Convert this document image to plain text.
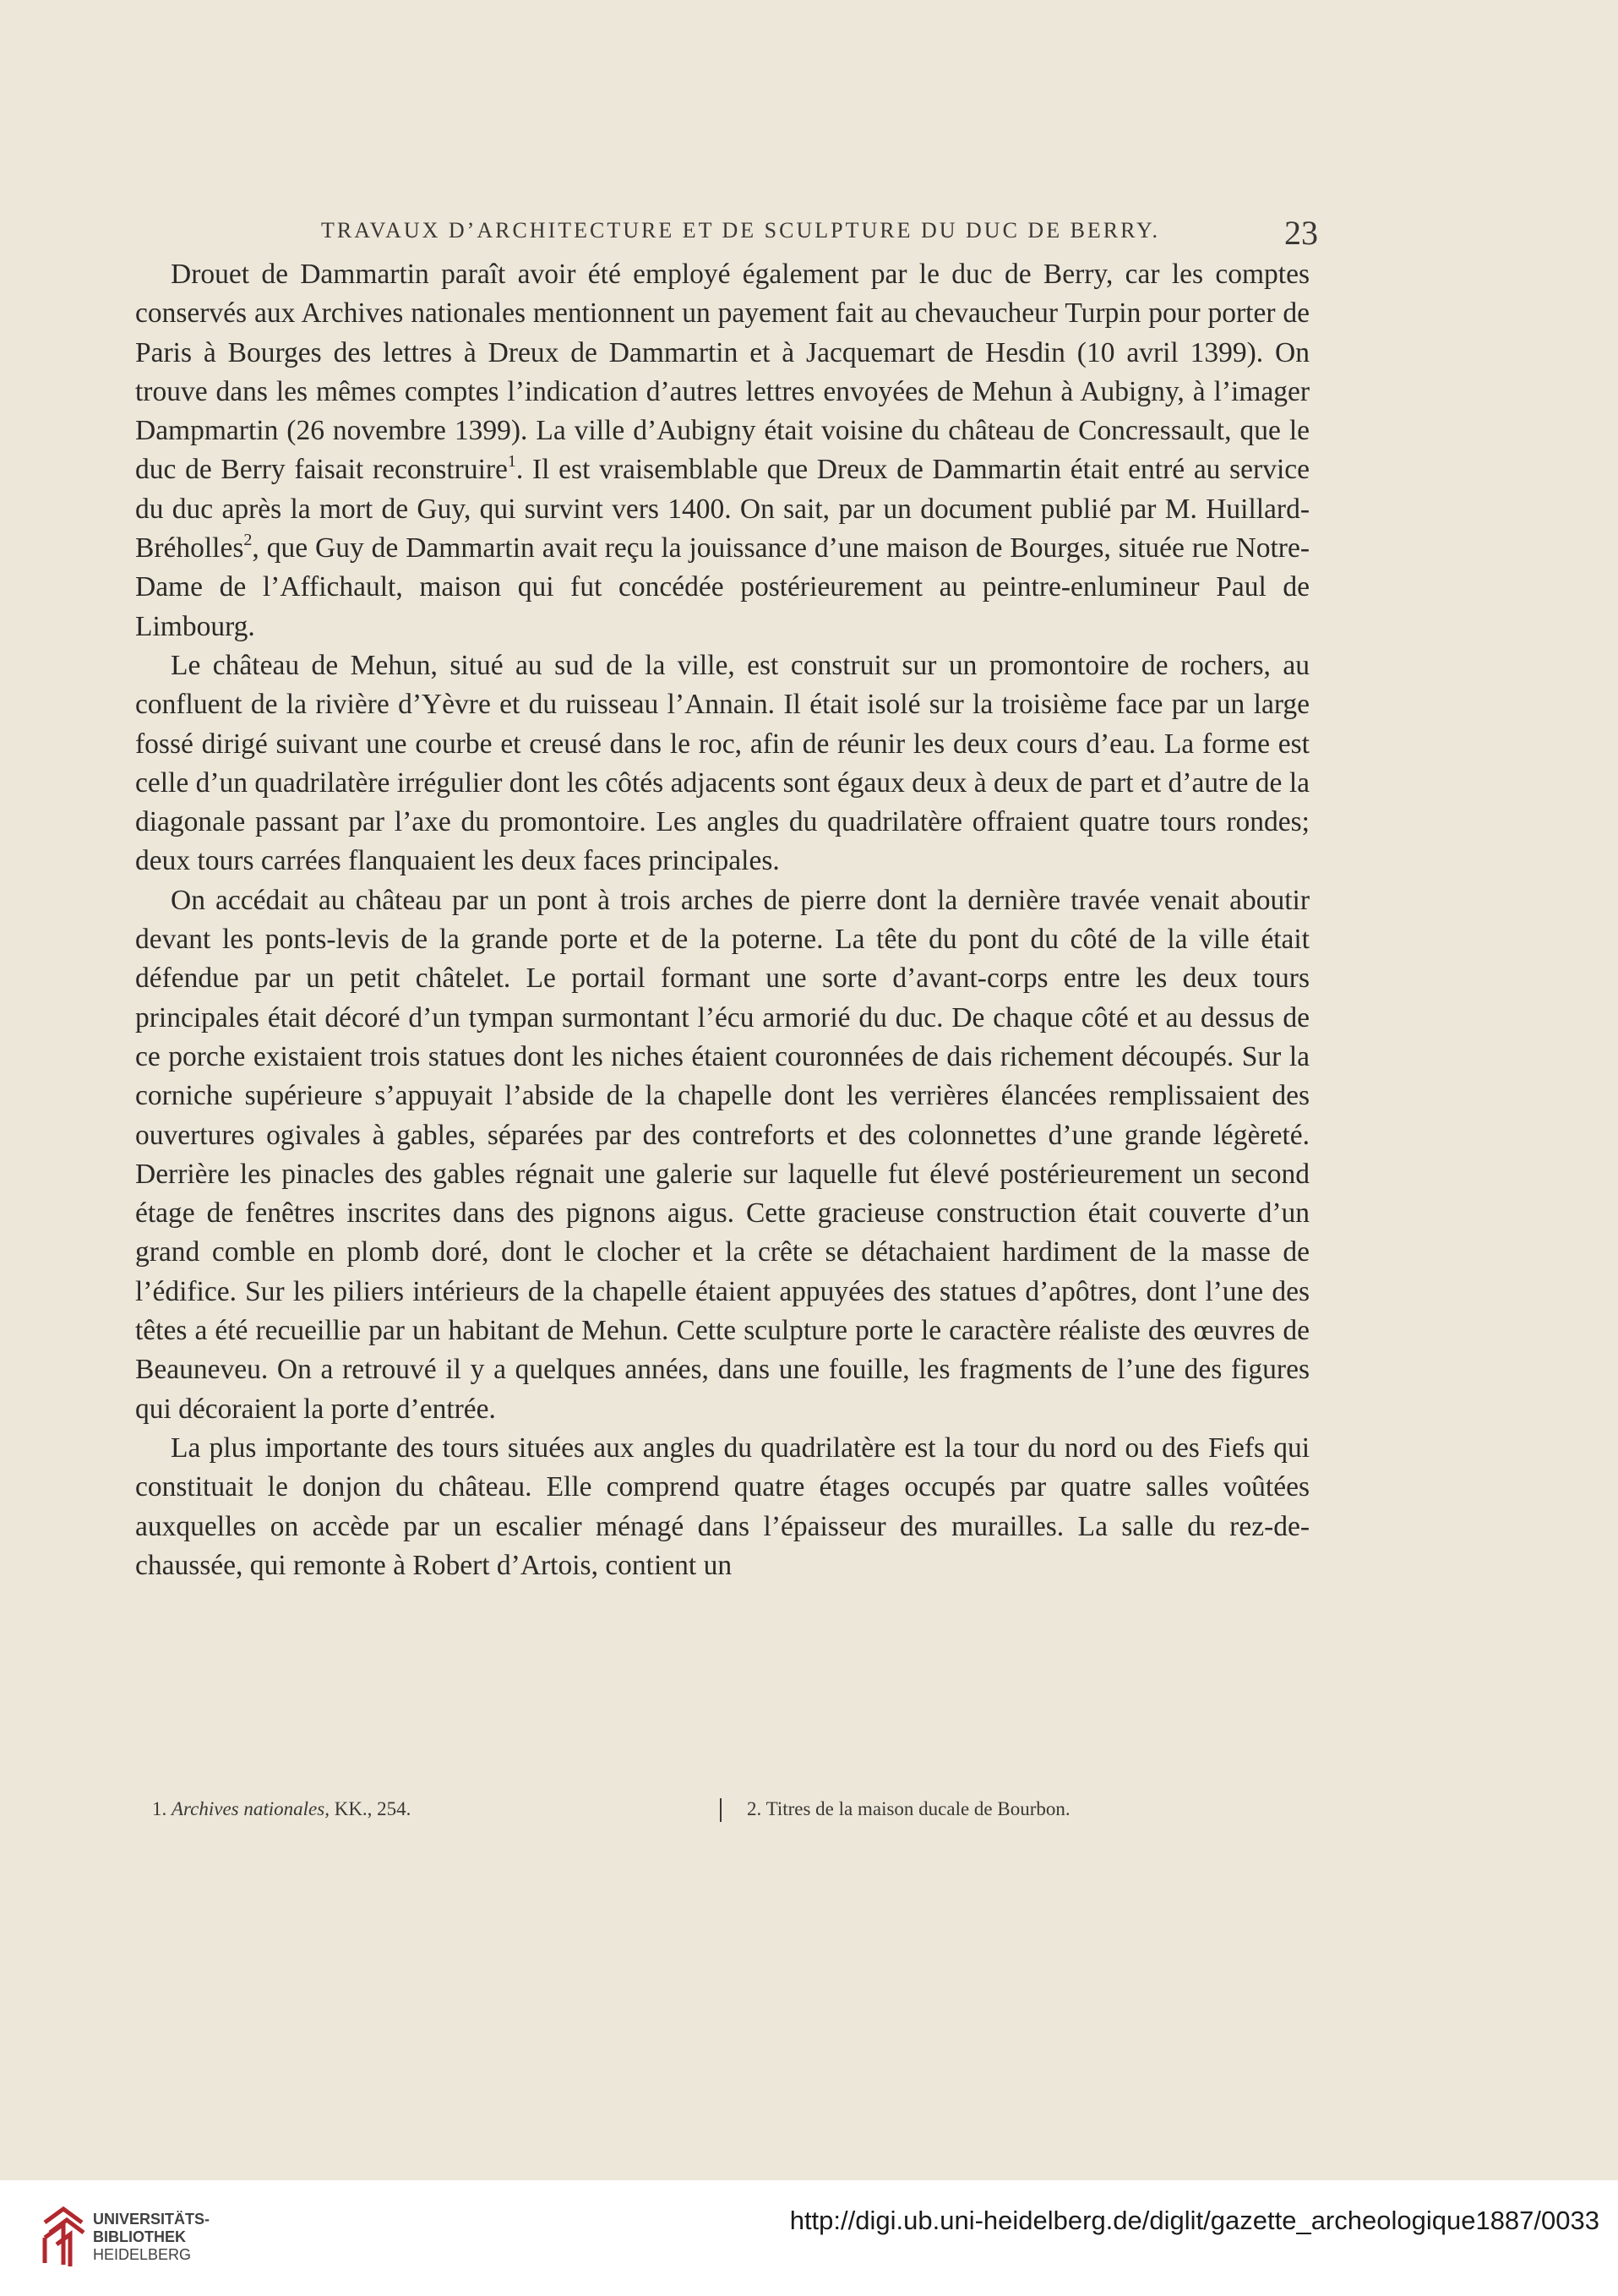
TRAVAUX D’ARCHITECTURE ET DE SCULPTURE DU DUC DE BERRY.	23

Drouet de Dammartin paraît avoir été employé également par le duc de Berry, car les comptes conservés aux Archives nationales mentionnent un payement fait au chevaucheur Turpin pour porter de Paris à Bourges des lettres à Dreux de Dammartin et à Jacquemart de Hesdin (10 avril 1399). On trouve dans les mêmes comptes l’indication d’autres lettres envoyées de Mehun à Aubigny, à l’imager Dampmartin (26 novembre 1399). La ville d’Aubigny était voisine du château de Concressault, que le duc de Berry faisait reconstruire$^1$. Il est vraisemblable que Dreux de Dammartin était entré au service du duc après la mort de Guy, qui survint vers 1400. On sait, par un document publié par M. Huillard-Bréholles$^2$, que Guy de Dammartin avait reçu la jouissance d’une maison de Bourges, située rue Notre-Dame de l’Affichault, maison qui fut concédée postérieurement au peintre-enlumineur Paul de Limbourg.

Le château de Mehun, situé au sud de la ville, est construit sur un promontoire de rochers, au confluent de la rivière d’Yèvre et du ruisseau l’Annain. Il était isolé sur la troisième face par un large fossé dirigé suivant une courbe et creusé dans le roc, afin de réunir les deux cours d’eau. La forme est celle d’un quadrilatère irrégulier dont les côtés adjacents sont égaux deux à deux de part et d’autre de la diagonale passant par l’axe du promontoire. Les angles du quadrilatère offraient quatre tours rondes; deux tours carrées flanquaient les deux faces principales.

On accédait au château par un pont à trois arches de pierre dont la dernière travée venait aboutir devant les ponts-levis de la grande porte et de la poterne. La tête du pont du côté de la ville était défendue par un petit châtelet. Le portail formant une sorte d’avant-corps entre les deux tours principales était décoré d’un tympan surmontant l’écu armorié du duc. De chaque côté et au dessus de ce porche existaient trois statues dont les niches étaient couronnées de dais richement découpés. Sur la corniche supérieure s’appuyait l’abside de la chapelle dont les verrières élancées remplissaient des ouvertures ogivales à gables, séparées par des contreforts et des colonnettes d’une grande légèreté. Derrière les pinacles des gables régnait une galerie sur laquelle fut élevé postérieurement un second étage de fenêtres inscrites dans des pignons aigus. Cette gracieuse construction était couverte d’un grand comble en plomb doré, dont le clocher et la crête se détachaient hardiment de la masse de l’édifice. Sur les piliers intérieurs de la chapelle étaient appuyées des statues d’apôtres, dont l’une des têtes a été recueillie par un habitant de Mehun. Cette sculpture porte le caractère réaliste des œuvres de Beauneveu. On a retrouvé il y a quelques années, dans une fouille, les fragments de l’une des figures qui décoraient la porte d’entrée.

La plus importante des tours situées aux angles du quadrilatère est la tour du nord ou des Fiefs qui constituait le donjon du château. Elle comprend quatre étages occupés par quatre salles voûtées auxquelles on accède par un escalier ménagé dans l’épaisseur des murailles. La salle du rez-de-chaussée, qui remonte à Robert d’Artois, contient un

1. Archives nationales, KK., 254.	2. Titres de la maison ducale de Bourbon.
UNIVERSITÄTS-
BIBLIOTHEK
HEIDELBERG
http://digi.ub.uni-heidelberg.de/diglit/gazette_archeologique1887/0033
